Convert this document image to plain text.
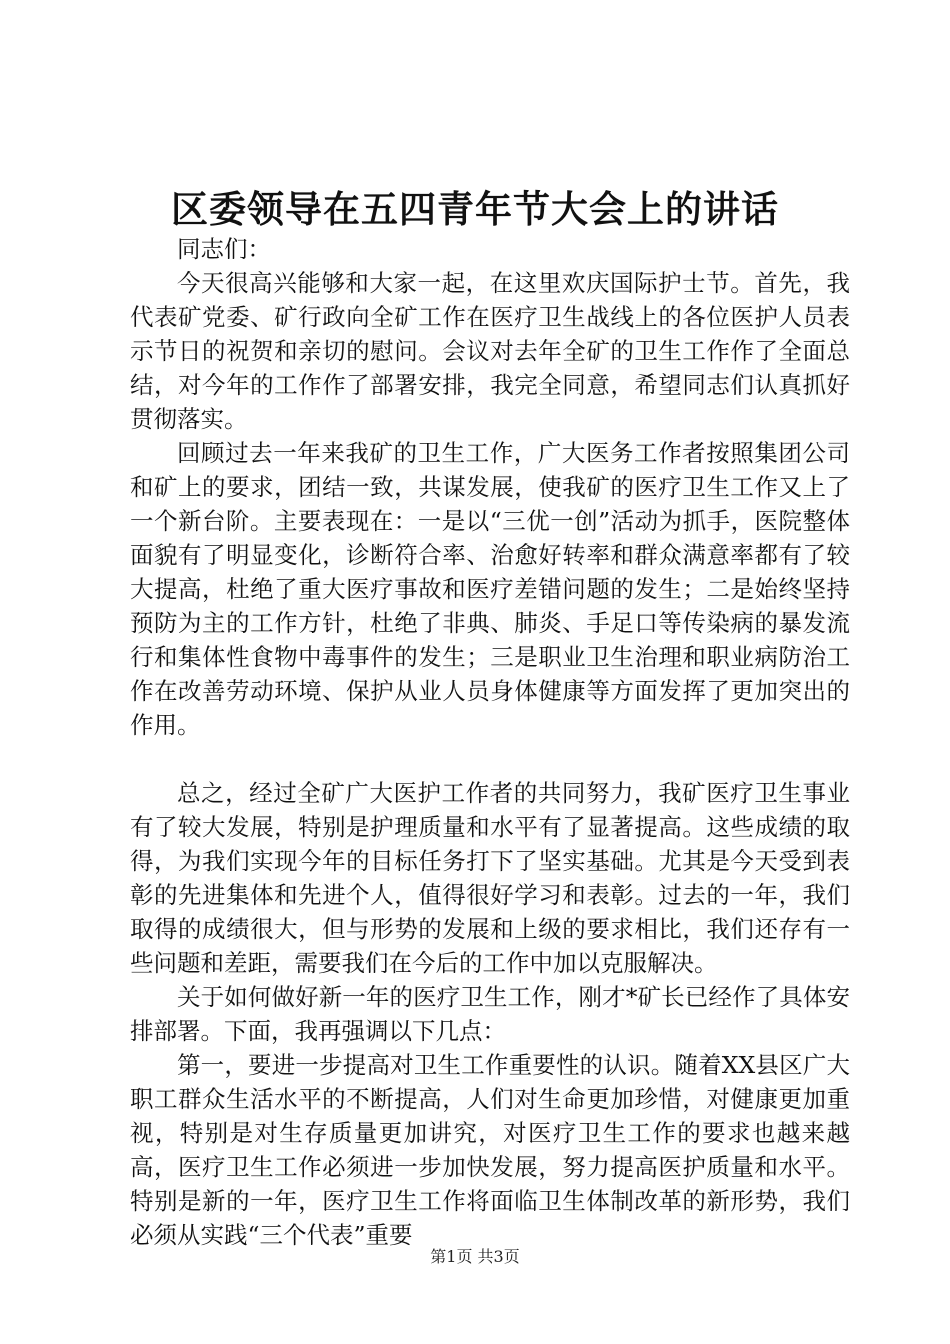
区委领导在五四青年节大会上的讲话

同志们：

今天很高兴能够和大家一起，在这里欢庆国际护士节。首先，我代表矿党委、矿行政向全矿工作在医疗卫生战线上的各位医护人员表示节日的祝贺和亲切的慰问。会议对去年全矿的卫生工作作了全面总结，对今年的工作作了部署安排，我完全同意，希望同志们认真抓好贯彻落实。

回顾过去一年来我矿的卫生工作，广大医务工作者按照集团公司和矿上的要求，团结一致，共谋发展，使我矿的医疗卫生工作又上了一个新台阶。主要表现在：一是以“三优一创”活动为抓手，医院整体面貌有了明显变化，诊断符合率、治愈好转率和群众满意率都有了较大提高，杜绝了重大医疗事故和医疗差错问题的发生；二是始终坚持预防为主的工作方针，杜绝了非典、肺炎、手足口等传染病的暴发流行和集体性食物中毒事件的发生；三是职业卫生治理和职业病防治工作在改善劳动环境、保护从业人员身体健康等方面发挥了更加突出的作用。

总之，经过全矿广大医护工作者的共同努力，我矿医疗卫生事业有了较大发展，特别是护理质量和水平有了显著提高。这些成绩的取得，为我们实现今年的目标任务打下了坚实基础。尤其是今天受到表彰的先进集体和先进个人，值得很好学习和表彰。过去的一年，我们取得的成绩很大，但与形势的发展和上级的要求相比，我们还存有一些问题和差距，需要我们在今后的工作中加以克服解决。

关于如何做好新一年的医疗卫生工作，刚才*矿长已经作了具体安排部署。下面，我再强调以下几点：

第一，要进一步提高对卫生工作重要性的认识。随着XX县区广大职工群众生活水平的不断提高，人们对生命更加珍惜，对健康更加重视，特别是对生存质量更加讲究，对医疗卫生工作的要求也越来越高，医疗卫生工作必须进一步加快发展，努力提高医护质量和水平。特别是新的一年，医疗卫生工作将面临卫生体制改革的新形势，我们必须从实践“三个代表”重要

第1页 共3页
